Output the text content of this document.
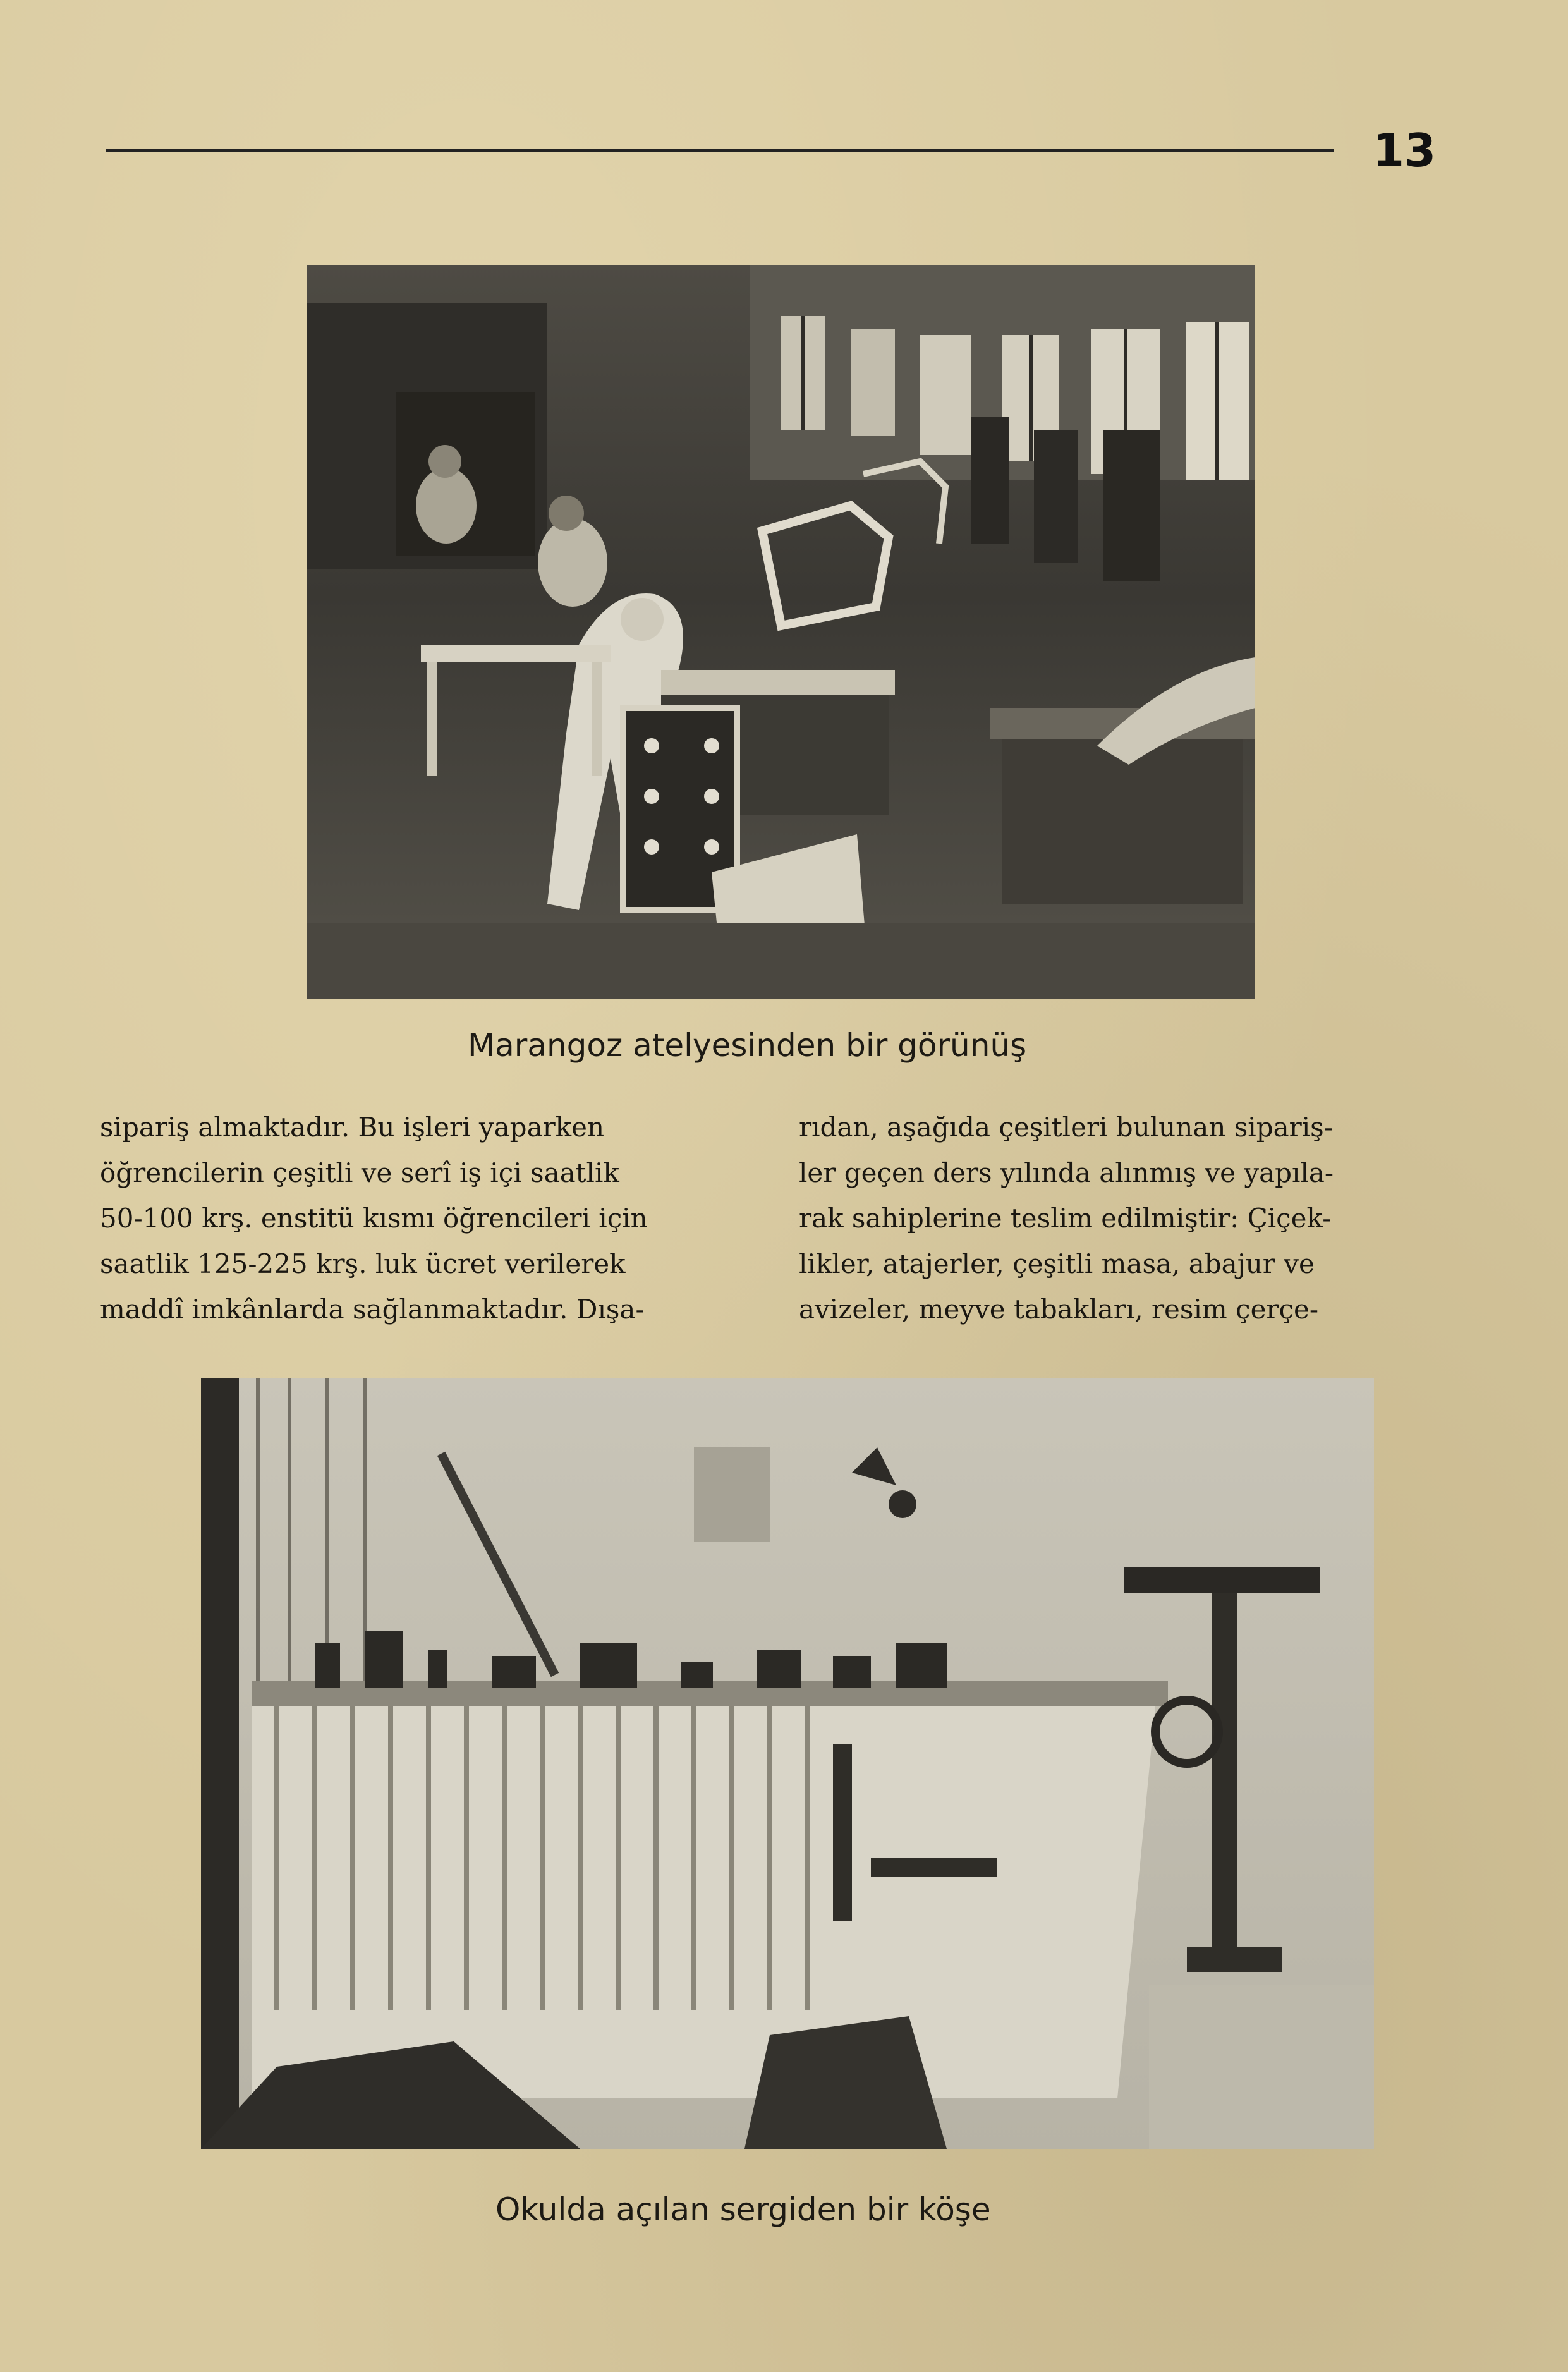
13
Marangoz atelyesinden bir görünüş
sipariş almaktadır. Bu işleri yaparken
öğrencilerin çeşitli ve serî iş içi saatlik
50-100 krş. enstitü kısmı öğrencileri için
saatlik 125-225 krş. luk ücret verilerek
maddî imkânlarda sağlanmaktadır. Dışa-
rıdan, aşağıda çeşitleri bulunan sipariş-
ler geçen ders yılında alınmış ve yapıla-
rak sahiplerine teslim edilmiştir: Çiçek-
likler, atajerler, çeşitli masa, abajur ve
avizeler, meyve tabakları, resim çerçe-
Okulda açılan sergiden bir köşe
